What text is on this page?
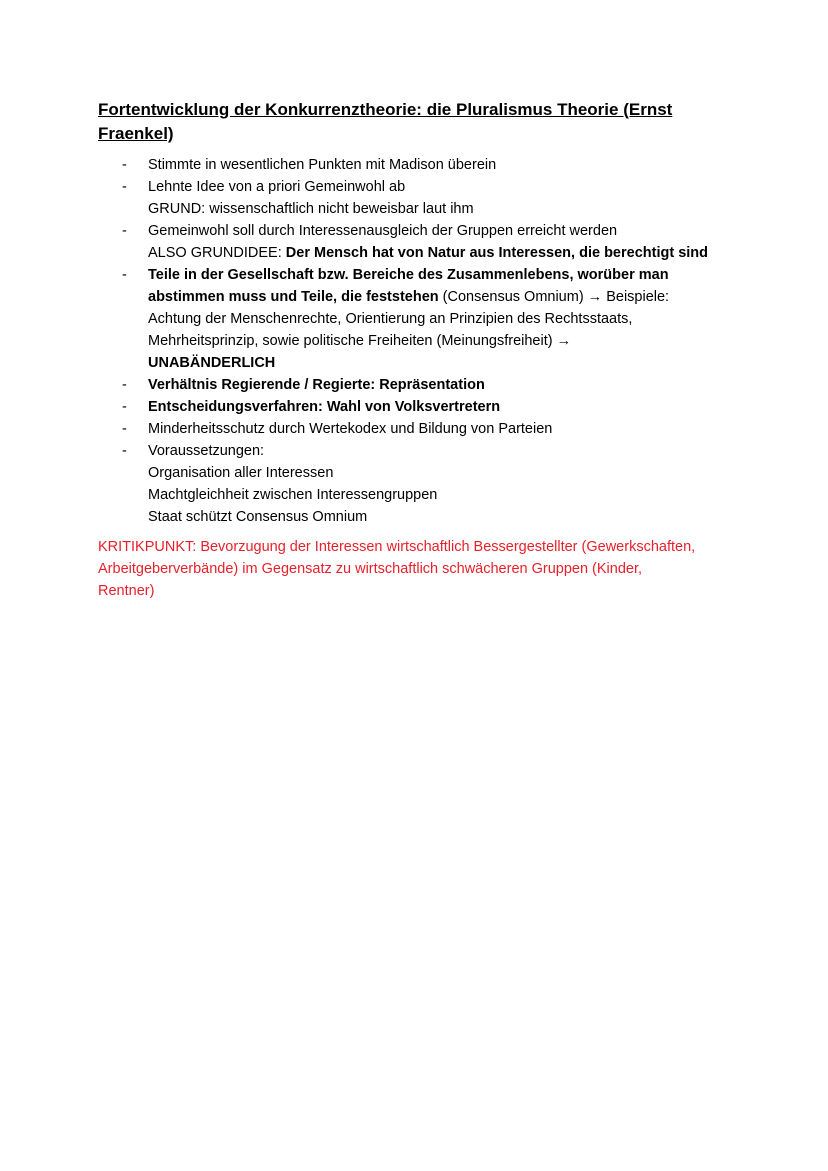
Fortentwicklung der Konkurrenztheorie: die Pluralismus Theorie (Ernst
Fraenkel)
- Stimmte in wesentlichen Punkten mit Madison überein
- Lehnte Idee von a priori Gemeinwohl ab
GRUND: wissenschaftlich nicht beweisbar laut ihm
- Gemeinwohl soll durch Interessenausgleich der Gruppen erreicht werden
ALSO GRUNDIDEE: Der Mensch hat von Natur aus Interessen, die berechtigt sind
- Teile in der Gesellschaft bzw. Bereiche des Zusammenlebens, worüber man
abstimmen muss und Teile, die feststehen (Consensus Omnium) → Beispiele:
Achtung der Menschenrechte, Orientierung an Prinzipien des Rechtsstaats,
Mehrheitsprinzip, sowie politische Freiheiten (Meinungsfreiheit) →
UNABÄNDERLICH
- Verhältnis Regierende / Regierte: Repräsentation
- Entscheidungsverfahren: Wahl von Volksvertretern
- Minderheitsschutz durch Wertekodex und Bildung von Parteien
- Voraussetzungen:
Organisation aller Interessen
Machtgleichheit zwischen Interessengruppen
Staat schützt Consensus Omnium
KRITIKPUNKT: Bevorzugung der Interessen wirtschaftlich Bessergestellter (Gewerkschaften,
Arbeitgeberverbände) im Gegensatz zu wirtschaftlich schwächeren Gruppen (Kinder,
Rentner)
